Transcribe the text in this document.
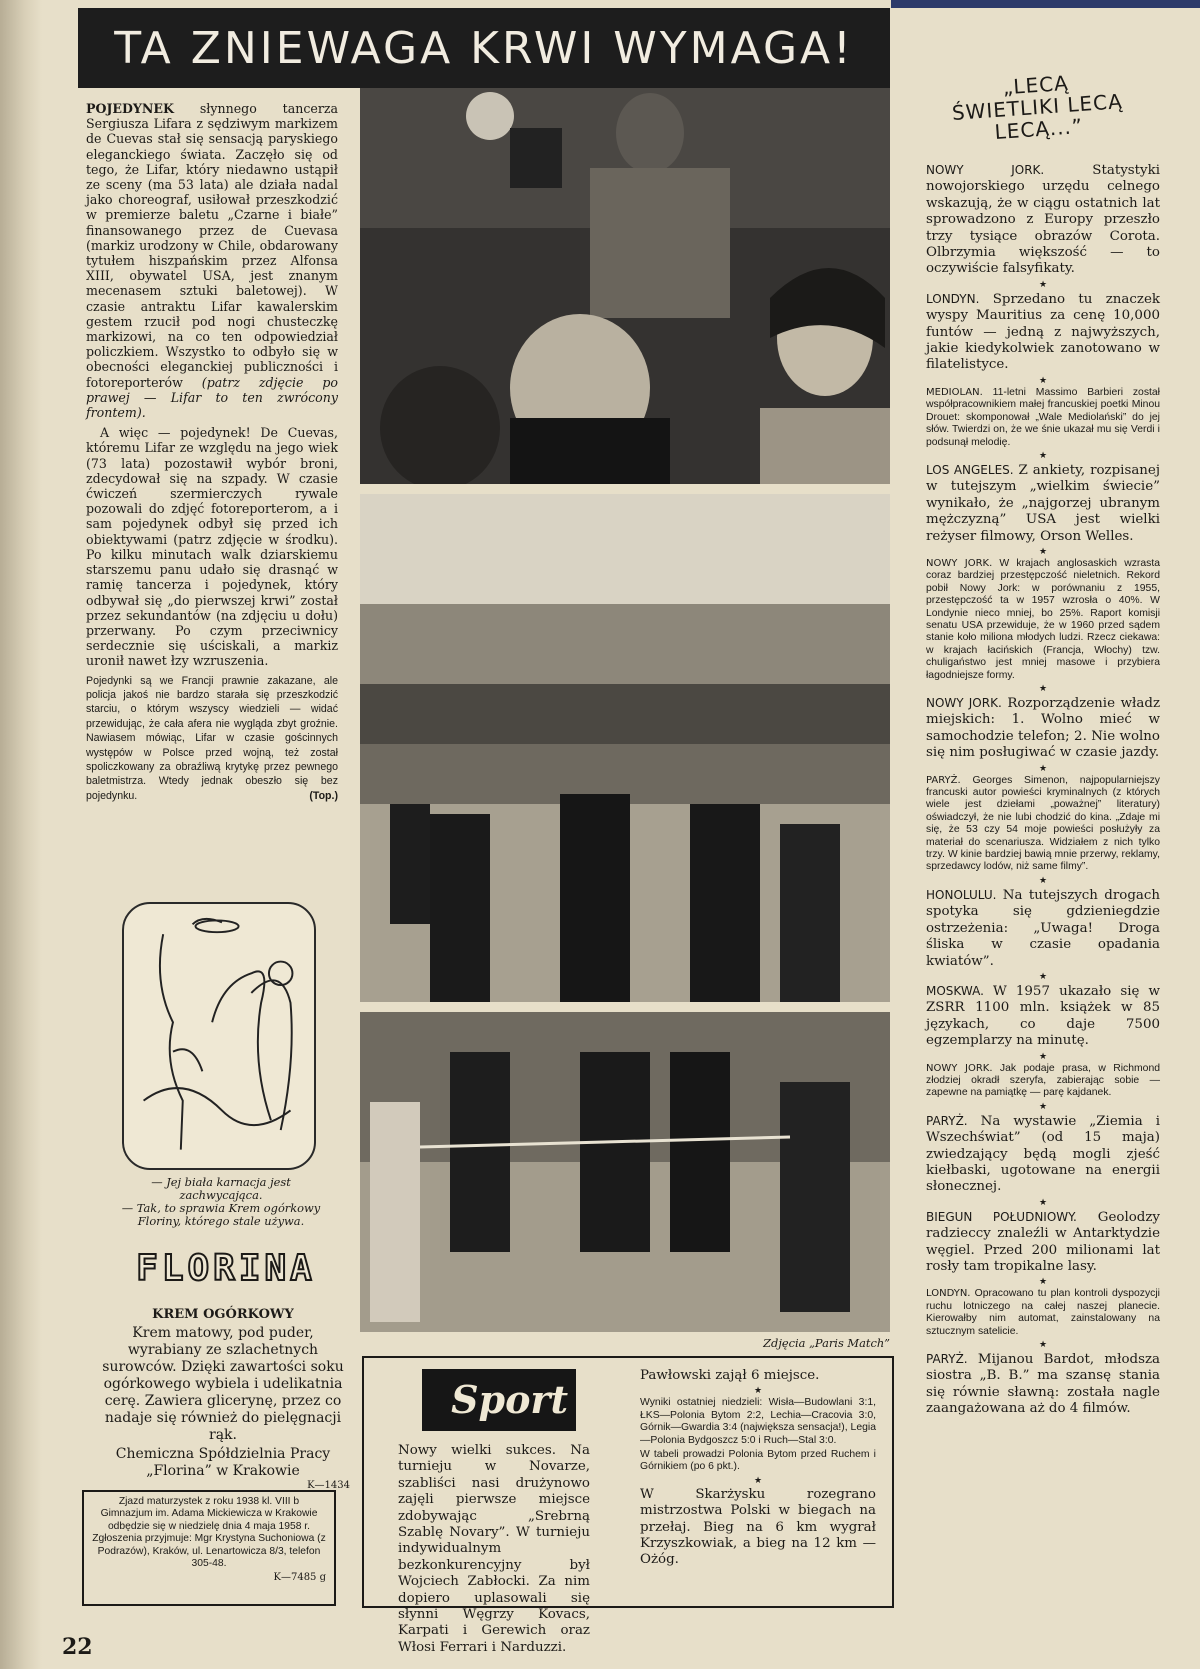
TA ZNIEWAGA KRWI WYMAGA!

POJEDYNEK słynnego tancerza Sergiusza Lifara z sędziwym markizem de Cuevas stał się sensacją paryskiego eleganckiego świata. Zaczęło się od tego, że Lifar, który niedawno ustąpił ze sceny (ma 53 lata) ale działa nadal jako choreograf, usiłował przeszkodzić w premierze baletu „Czarne i białe” finansowanego przez de Cuevasa (markiz urodzony w Chile, obdarowany tytułem hiszpańskim przez Alfonsa XIII, obywatel USA, jest znanym mecenasem sztuki baletowej). W czasie antraktu Lifar kawalerskim gestem rzucił pod nogi chusteczkę markizowi, na co ten odpowiedział policzkiem. Wszystko to odbyło się w obecności eleganckiej publiczności i fotoreporterów (patrz zdjęcie po prawej — Lifar to ten zwrócony frontem).

A więc — pojedynek! De Cuevas, któremu Lifar ze względu na jego wiek (73 lata) pozostawił wybór broni, zdecydował się na szpady. W czasie ćwiczeń szermierczych rywale pozowali do zdjęć fotoreporterom, a i sam pojedynek odbył się przed ich obiektywami (patrz zdjęcie w środku). Po kilku minutach walk dziarskiemu starszemu panu udało się drasnąć w ramię tancerza i pojedynek, który odbywał się „do pierwszej krwi” został przez sekundantów (na zdjęciu u dołu) przerwany. Po czym przeciwnicy serdecznie się uściskali, a markiz uronił nawet łzy wzruszenia.

Pojedynki są we Francji prawnie zakazane, ale policja jakoś nie bardzo starała się przeszkodzić starciu, o którym wszyscy wiedzieli — widać przewidując, że cała afera nie wygląda zbyt groźnie. Nawiasem mówiąc, Lifar w czasie gościnnych występów w Polsce przed wojną, też został spoliczkowany za obraźliwą krytykę przez pewnego baletmistrza. Wtedy jednak obeszło się bez pojedynku.	(Top.)

Zdjęcia „Paris Match”
— Jej biała karnacja jest zachwycająca.
— Tak, to sprawia Krem ogórkowy Floriny, którego stale używa.
FLORINA
KREM OGÓRKOWY
Krem matowy, pod puder, wyrabiany ze szlachetnych surowców. Dzięki zawartości soku ogórkowego wybiela i udelikatnia cerę. Zawiera glicerynę, przez co nadaje się również do pielęgnacji rąk.
Chemiczna Spółdzielnia Pracy
„Florina” w Krakowie
K—1434
Zjazd maturzystek z roku 1938 kl. VIII b Gimnazjum im. Adama Mickiewicza w Krakowie odbędzie się w niedzielę dnia 4 maja 1958 r. Zgłoszenia przyjmuje: Mgr Krystyna Suchoniowa (z Podrazów), Kraków, ul. Lenartowicza 8/3, telefon 305-48.
K—7485 g
Sport
Nowy wielki sukces. Na turnieju w Novarze, szabliści nasi drużynowo zajęli pierwsze miejsce zdobywając „Srebrną Szablę Novary”. W turnieju indywidualnym bezkonkurencyjny był Wojciech Zabłocki. Za nim dopiero uplasowali się słynni Węgrzy Kovacs, Karpati i Gerewich oraz Włosi Ferrari i Narduzzi.
Pawłowski zajął 6 miejsce.
★
Wyniki ostatniej niedzieli: Wisła—Budowlani 3:1, ŁKS—Polonia Bytom 2:2, Lechia—Cracovia 3:0, Górnik—Gwardia 3:4 (największa sensacja!), Legia—Polonia Bydgoszcz 5:0 i Ruch—Stal 3:0.
W tabeli prowadzi Polonia Bytom przed Ruchem i Górnikiem (po 6 pkt.).
★
W Skarżysku rozegrano mistrzostwa Polski w biegach na przełaj. Bieg na 6 km wygrał Krzyszkowiak, a bieg na 12 km — Ożóg.
„LECĄ ŚWIETLIKI LECĄ LECĄ...”
NOWY JORK. Statystyki nowojorskiego urzędu celnego wskazują, że w ciągu ostatnich lat sprowadzono z Europy przeszło trzy tysiące obrazów Corota. Olbrzymia większość — to oczywiście falsyfikaty.
★
LONDYN. Sprzedano tu znaczek wyspy Mauritius za cenę 10,000 funtów — jedną z najwyższych, jakie kiedykolwiek zanotowano w filatelistyce.
★
MEDIOLAN. 11-letni Massimo Barbieri został współpracownikiem małej francuskiej poetki Minou Drouet: skomponował „Wale Mediolański” do jej słów. Twierdzi on, że we śnie ukazał mu się Verdi i podsunął melodię.
★
LOS ANGELES. Z ankiety, rozpisanej w tutejszym „wielkim świecie” wynikało, że „najgorzej ubranym mężczyzną” USA jest wielki reżyser filmowy, Orson Welles.
★
NOWY JORK. W krajach anglosaskich wzrasta coraz bardziej przestępczość nieletnich. Rekord pobił Nowy Jork: w porównaniu z 1955, przestępczość ta w 1957 wzrosła o 40%. W Londynie nieco mniej, bo 25%. Raport komisji senatu USA przewiduje, że w 1960 przed sądem stanie koło miliona młodych ludzi. Rzecz ciekawa: w krajach łacińskich (Francja, Włochy) tzw. chuligaństwo jest mniej masowe i przybiera łagodniejsze formy.
★
NOWY JORK. Rozporządzenie władz miejskich: 1. Wolno mieć w samochodzie telefon; 2. Nie wolno się nim posługiwać w czasie jazdy.
★
PARYŻ. Georges Simenon, najpopularniejszy francuski autor powieści kryminalnych (z których wiele jest dziełami „poważnej” literatury) oświadczył, że nie lubi chodzić do kina. „Zdaje mi się, że 53 czy 54 moje powieści posłużyły za materiał do scenariusza. Widziałem z nich tylko trzy. W kinie bardziej bawią mnie przerwy, reklamy, sprzedawcy lodów, niż same filmy”.
★
HONOLULU. Na tutejszych drogach spotyka się gdzieniegdzie ostrzeżenia: „Uwaga! Droga śliska w czasie opadania kwiatów”.
★
MOSKWA. W 1957 ukazało się w ZSRR 1100 mln. książek w 85 językach, co daje 7500 egzemplarzy na minutę.
★
NOWY JORK. Jak podaje prasa, w Richmond złodziej okradł szeryfa, zabierając sobie — zapewne na pamiątkę — parę kajdanek.
★
PARYŻ. Na wystawie „Ziemia i Wszechświat” (od 15 maja) zwiedzający będą mogli zjeść kiełbaski, ugotowane na energii słonecznej.
★
BIEGUN POŁUDNIOWY. Geolodzy radzieccy znaleźli w Antarktydzie węgiel. Przed 200 milionami lat rosły tam tropikalne lasy.
★
LONDYN. Opracowano tu plan kontroli dyspozycji ruchu lotniczego na całej naszej planecie. Kierowałby nim automat, zainstalowany na sztucznym satelicie.
★
PARYŻ. Mijanou Bardot, młodsza siostra „B. B.” ma szansę stania się równie sławną: została nagle zaangażowana aż do 4 filmów.
22
